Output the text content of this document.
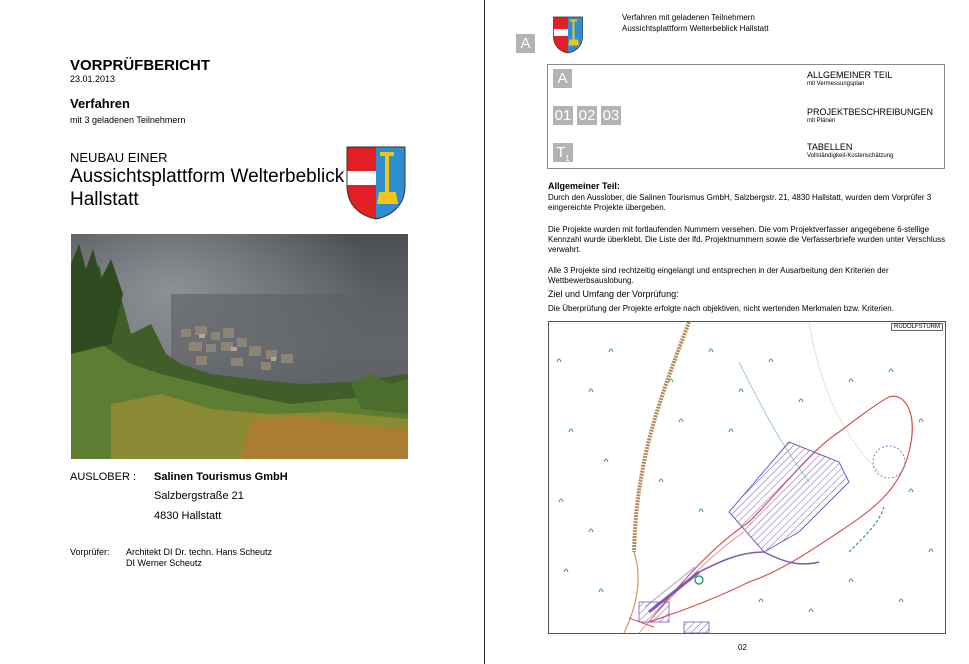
VORPRÜFBERICHT
23.01.2013
Verfahren
mit 3 geladenen Teilnehmern
NEUBAU EINER
Aussichtsplattform Welterbeblick Hallstatt
AUSLOBER : Salinen Tourismus GmbH
Salzbergstraße 21
4830 Hallstatt
Vorprüfer: Architekt DI Dr. techn. Hans Scheutz
DI Werner Scheutz
A
Verfahren mit geladenen Teilnehmern
Aussichtsplattform Welterbeblick Hallstatt
A
01 02 03
$T_1$
ALLGEMEINER TEIL
mit Vermessungsplan
PROJEKTBESCHREIBUNGEN
mit Plänen
TABELLEN
Vollständigkeit-Kostenschätzung
Allgemeiner Teil:
Durch den Ausslober, die Salinen Tourismus GmbH, Salzbergstr. 21, 4830 Hallstatt, wurden dem Vorprüfer 3 eingereichte Projekte übergeben.
Die Projekte wurden mit fortlaufenden Nummern versehen. Die vom Projektverfasser angegebene 6-stellige Kennzahl wurde überklebt. Die Liste der lfd. Projektnummern sowie die Verfasserbriefe wurden unter Verschluss verwahrt.
Alle 3 Projekte sind rechtzeitig eingelangt und entsprechen in der Ausarbeitung den Kriterien der Wettbewerbsauslobung.
Ziel und Umfang der Vorprüfung:
Die Überprüfung der Projekte erfolgte nach objektiven, nicht wertenden Merkmalen bzw. Kriterien.
RUDOLFSTURM
02
